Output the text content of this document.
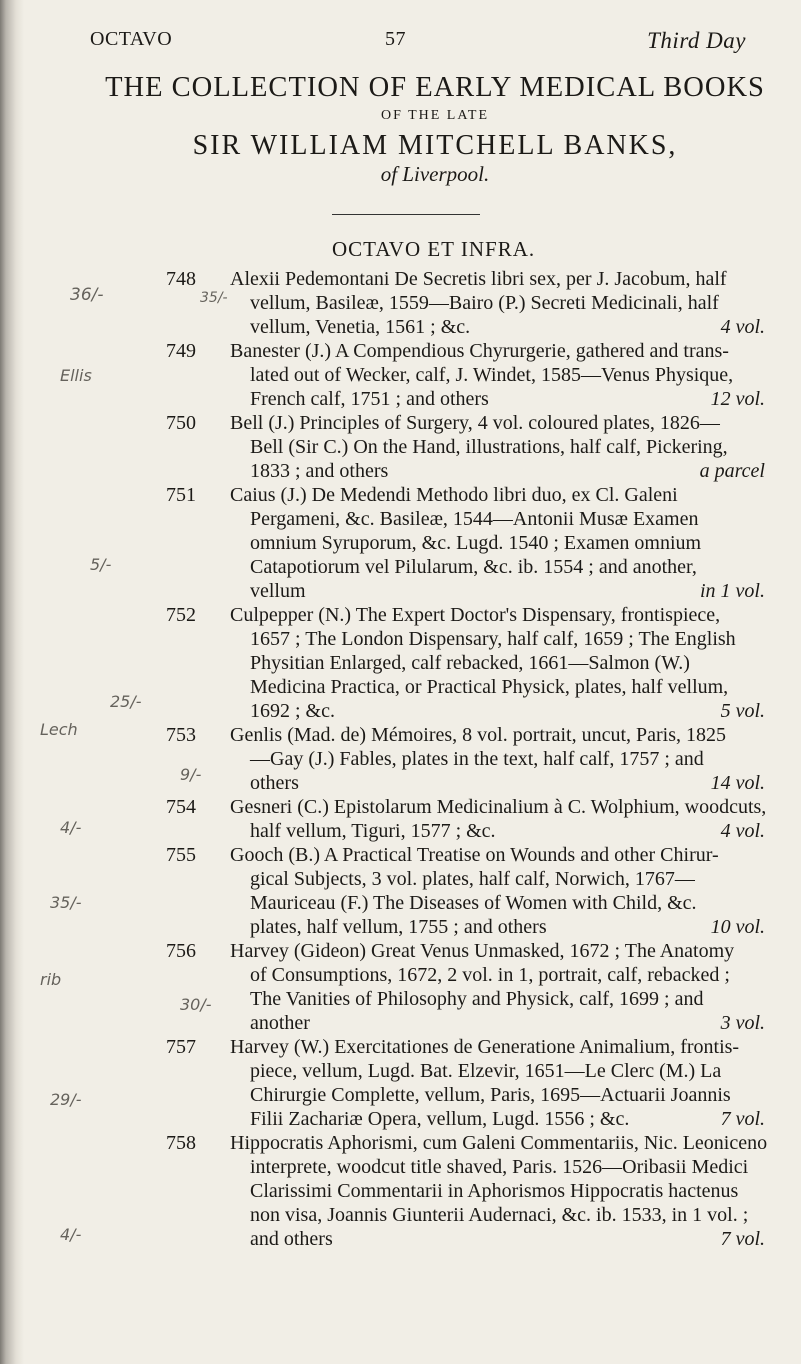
OCTAVO	57	Third Day
THE COLLECTION OF EARLY MEDICAL BOOKS
OF THE LATE
SIR WILLIAM MITCHELL BANKS,
of Liverpool.
OCTAVO ET INFRA.
748	Alexii Pedemontani De Secretis libri sex, per J. Jacobum, half
vellum, Basileæ, 1559—Bairo (P.) Secreti Medicinali, half
vellum, Venetia, 1561 ; &c.	4 vol.
749	Banester (J.) A Compendious Chyrurgerie, gathered and trans-
lated out of Wecker, calf, J. Windet, 1585—Venus Physique,
French calf, 1751 ; and others	12 vol.
750	Bell (J.) Principles of Surgery, 4 vol. coloured plates, 1826—
Bell (Sir C.) On the Hand, illustrations, half calf, Pickering,
1833 ; and others	a parcel
751	Caius (J.) De Medendi Methodo libri duo, ex Cl. Galeni
Pergameni, &c. Basileæ, 1544—Antonii Musæ Examen
omnium Syruporum, &c. Lugd. 1540 ; Examen omnium
Catapotiorum vel Pilularum, &c. ib. 1554 ; and another,
vellum	in 1 vol.
752	Culpepper (N.) The Expert Doctor's Dispensary, frontispiece,
1657 ; The London Dispensary, half calf, 1659 ; The English
Physitian Enlarged, calf rebacked, 1661—Salmon (W.)
Medicina Practica, or Practical Physick, plates, half vellum,
1692 ; &c.	5 vol.
753	Genlis (Mad. de) Mémoires, 8 vol. portrait, uncut, Paris, 1825
—Gay (J.) Fables, plates in the text, half calf, 1757 ; and
others	14 vol.
754	Gesneri (C.) Epistolarum Medicinalium à C. Wolphium, woodcuts,
half vellum, Tiguri, 1577 ; &c.	4 vol.
755	Gooch (B.) A Practical Treatise on Wounds and other Chirur-
gical Subjects, 3 vol. plates, half calf, Norwich, 1767—
Mauriceau (F.) The Diseases of Women with Child, &c.
plates, half vellum, 1755 ; and others	10 vol.
756	Harvey (Gideon) Great Venus Unmasked, 1672 ; The Anatomy
of Consumptions, 1672, 2 vol. in 1, portrait, calf, rebacked ;
The Vanities of Philosophy and Physick, calf, 1699 ; and
another	3 vol.
757	Harvey (W.) Exercitationes de Generatione Animalium, frontis-
piece, vellum, Lugd. Bat. Elzevir, 1651—Le Clerc (M.) La
Chirurgie Complette, vellum, Paris, 1695—Actuarii Joannis
Filii Zachariæ Opera, vellum, Lugd. 1556 ; &c.	7 vol.
758	Hippocratis Aphorismi, cum Galeni Commentariis, Nic. Leoniceno
interprete, woodcut title shaved, Paris. 1526—Oribasii Medici
Clarissimi Commentarii in Aphorismos Hippocratis hactenus
non visa, Joannis Giunterii Audernaci, &c. ib. 1533, in 1 vol. ;
and others	7 vol.
36/-	35/-
Ellis
5/-
25/-
Lech
9/-
4/-
35/-
rib
30/-
29/-
4/-
